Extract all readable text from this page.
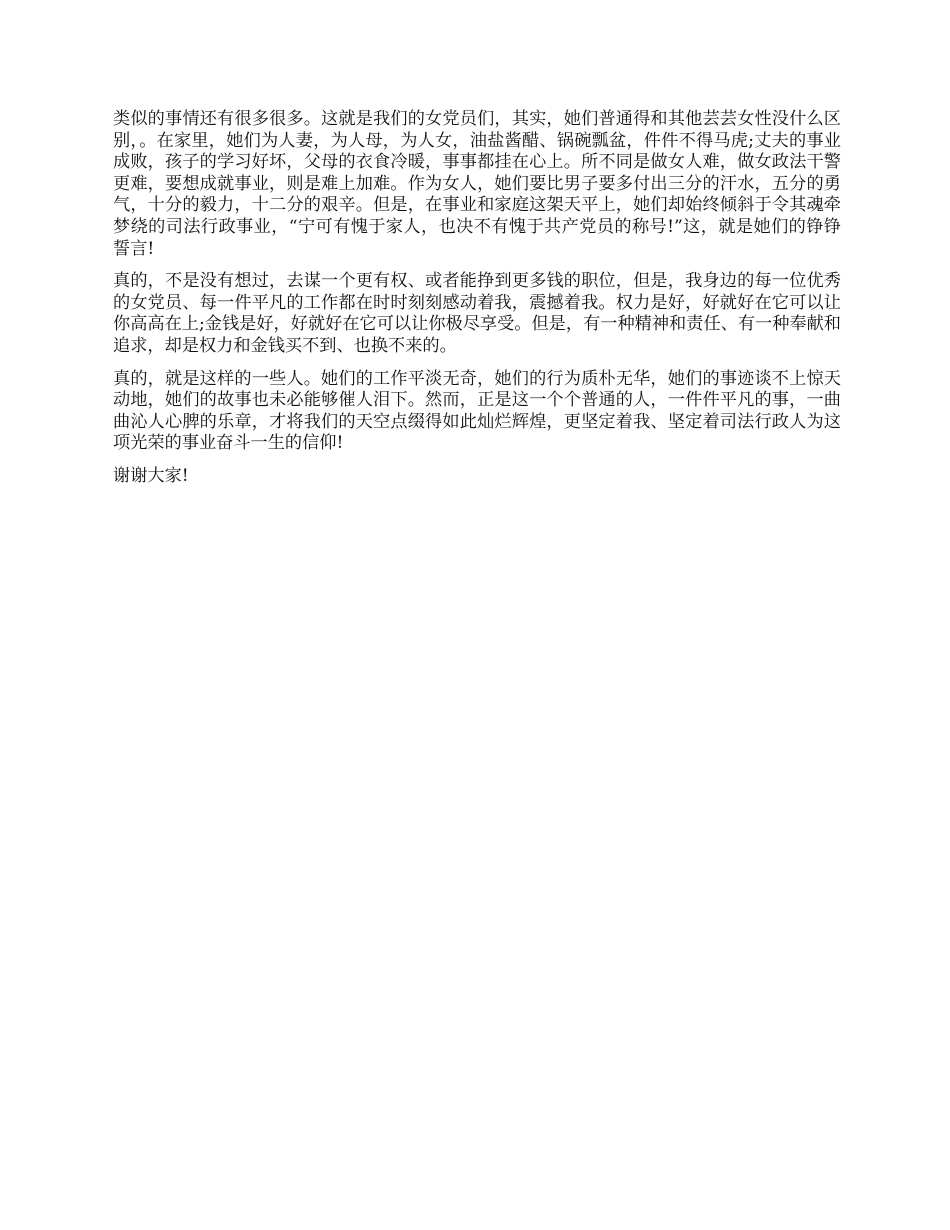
类似的事情还有很多很多。这就是我们的女党员们，其实，她们普通得和其他芸芸女性没什么区别，。在家里，她们为人妻，为人母，为人女，油盐酱醋、锅碗瓢盆，件件不得马虎;丈夫的事业成败，孩子的学习好坏，父母的衣食冷暖，事事都挂在心上。所不同是做女人难，做女政法干警更难，要想成就事业，则是难上加难。作为女人，她们要比男子要多付出三分的汗水，五分的勇气，十分的毅力，十二分的艰辛。但是，在事业和家庭这架天平上，她们却始终倾斜于令其魂牵梦绕的司法行政事业，“宁可有愧于家人，也决不有愧于共产党员的称号!”这，就是她们的铮铮誓言!

真的，不是没有想过，去谋一个更有权、或者能挣到更多钱的职位，但是，我身边的每一位优秀的女党员、每一件平凡的工作都在时时刻刻感动着我，震撼着我。权力是好，好就好在它可以让你高高在上;金钱是好，好就好在它可以让你极尽享受。但是，有一种精神和责任、有一种奉献和追求，却是权力和金钱买不到、也换不来的。

真的，就是这样的一些人。她们的工作平淡无奇，她们的行为质朴无华，她们的事迹谈不上惊天动地，她们的故事也未必能够催人泪下。然而，正是这一个个普通的人，一件件平凡的事，一曲曲沁人心脾的乐章，才将我们的天空点缀得如此灿烂辉煌，更坚定着我、坚定着司法行政人为这项光荣的事业奋斗一生的信仰!

谢谢大家!
